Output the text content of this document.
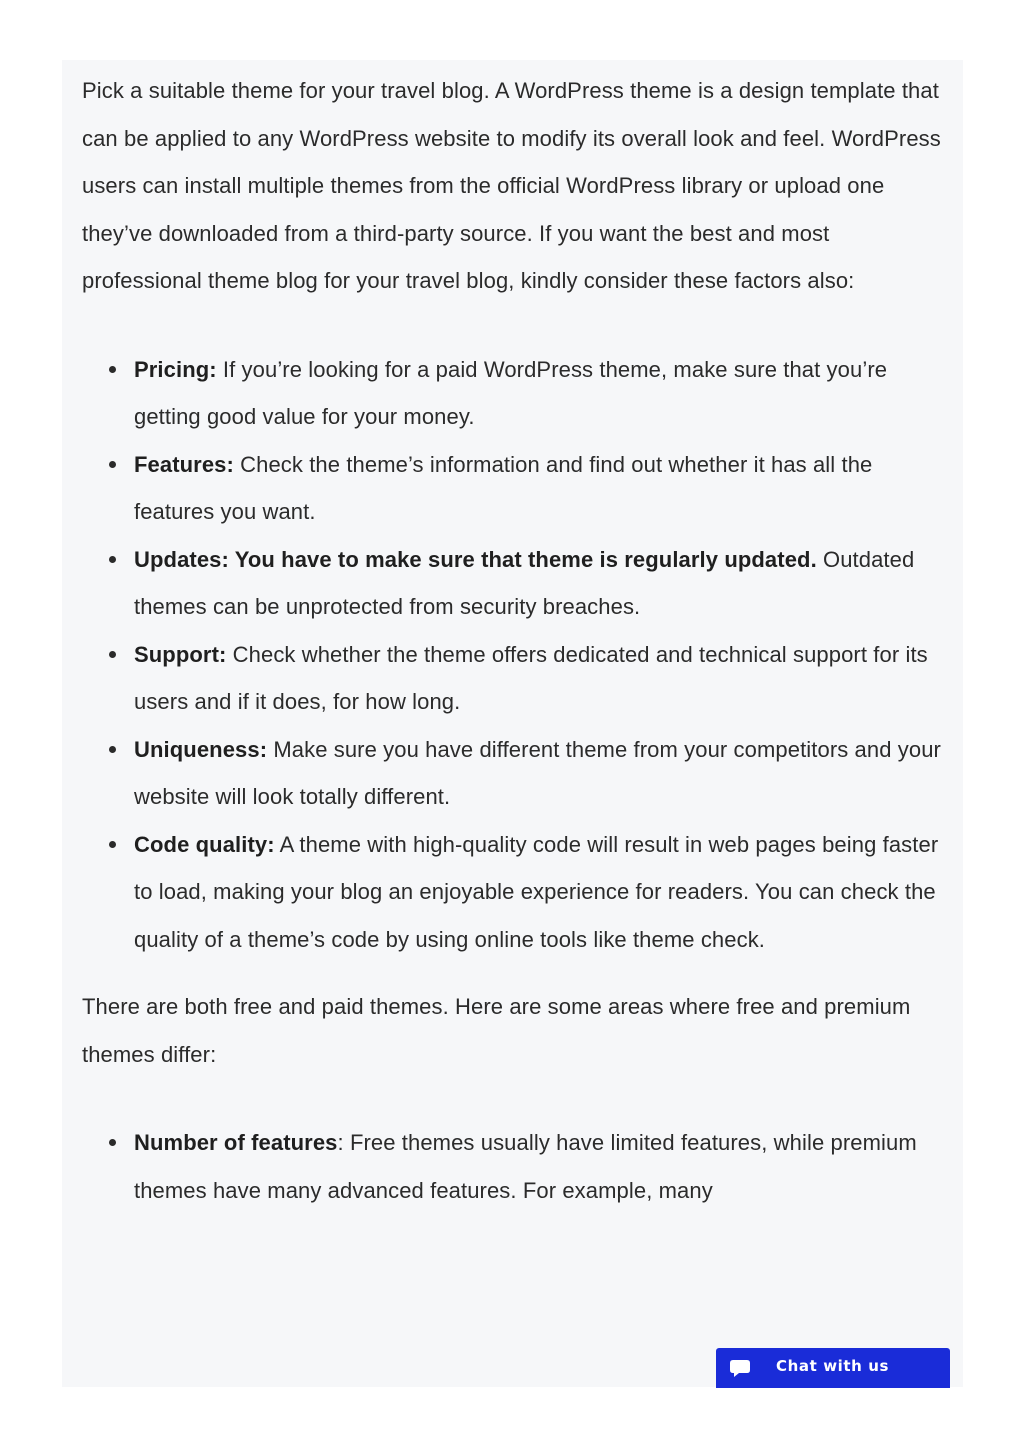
Pick a suitable theme for your travel blog. A WordPress theme is a design template that can be applied to any WordPress website to modify its overall look and feel. WordPress users can install multiple themes from the official WordPress library or upload one they’ve downloaded from a third-party source. If you want the best and most professional theme blog for your travel blog, kindly consider these factors also:

Pricing: If you’re looking for a paid WordPress theme, make sure that you’re getting good value for your money.
Features: Check the theme’s information and find out whether it has all the features you want.
Updates: You have to make sure that theme is regularly updated. Outdated themes can be unprotected from security breaches.
Support: Check whether the theme offers dedicated and technical support for its users and if it does, for how long.
Uniqueness: Make sure you have different theme from your competitors and your website will look totally different.
Code quality: A theme with high-quality code will result in web pages being faster to load, making your blog an enjoyable experience for readers. You can check the quality of a theme’s code by using online tools like theme check.

There are both free and paid themes. Here are some areas where free and premium themes differ:

Number of features: Free themes usually have limited features, while premium themes have many advanced features. For example, many
Chat with us
